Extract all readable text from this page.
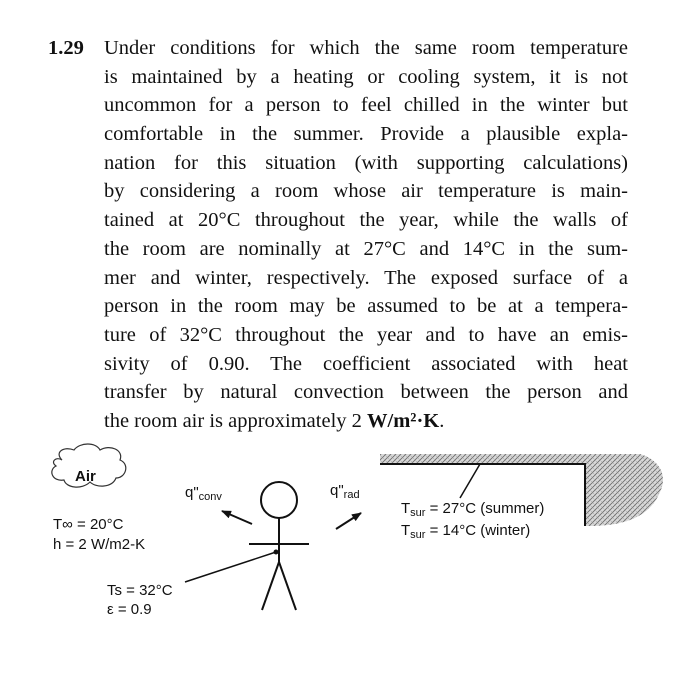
1.29 Under conditions for which the same room temperature
is maintained by a heating or cooling system, it is not
uncommon for a person to feel chilled in the winter but
comfortable in the summer. Provide a plausible expla-
nation for this situation (with supporting calculations)
by considering a room whose air temperature is main-
tained at 20°C throughout the year, while the walls of
the room are nominally at 27°C and 14°C in the sum-
mer and winter, respectively. The exposed surface of a
person in the room may be assumed to be at a tempera-
ture of 32°C throughout the year and to have an emis-
sivity of 0.90. The coefficient associated with heat
transfer by natural convection between the person and
the room air is approximately 2 W/m²·K.
Air
$q"_{conv}$	$q"_{rad}$
T∞ = 20°C
h = 2 W/m2-K
Ts = 32°C
ε = 0.9
$T_{sur} = 27^\circ C$ (summer)
$T_{sur} = 14^\circ C$ (winter)
